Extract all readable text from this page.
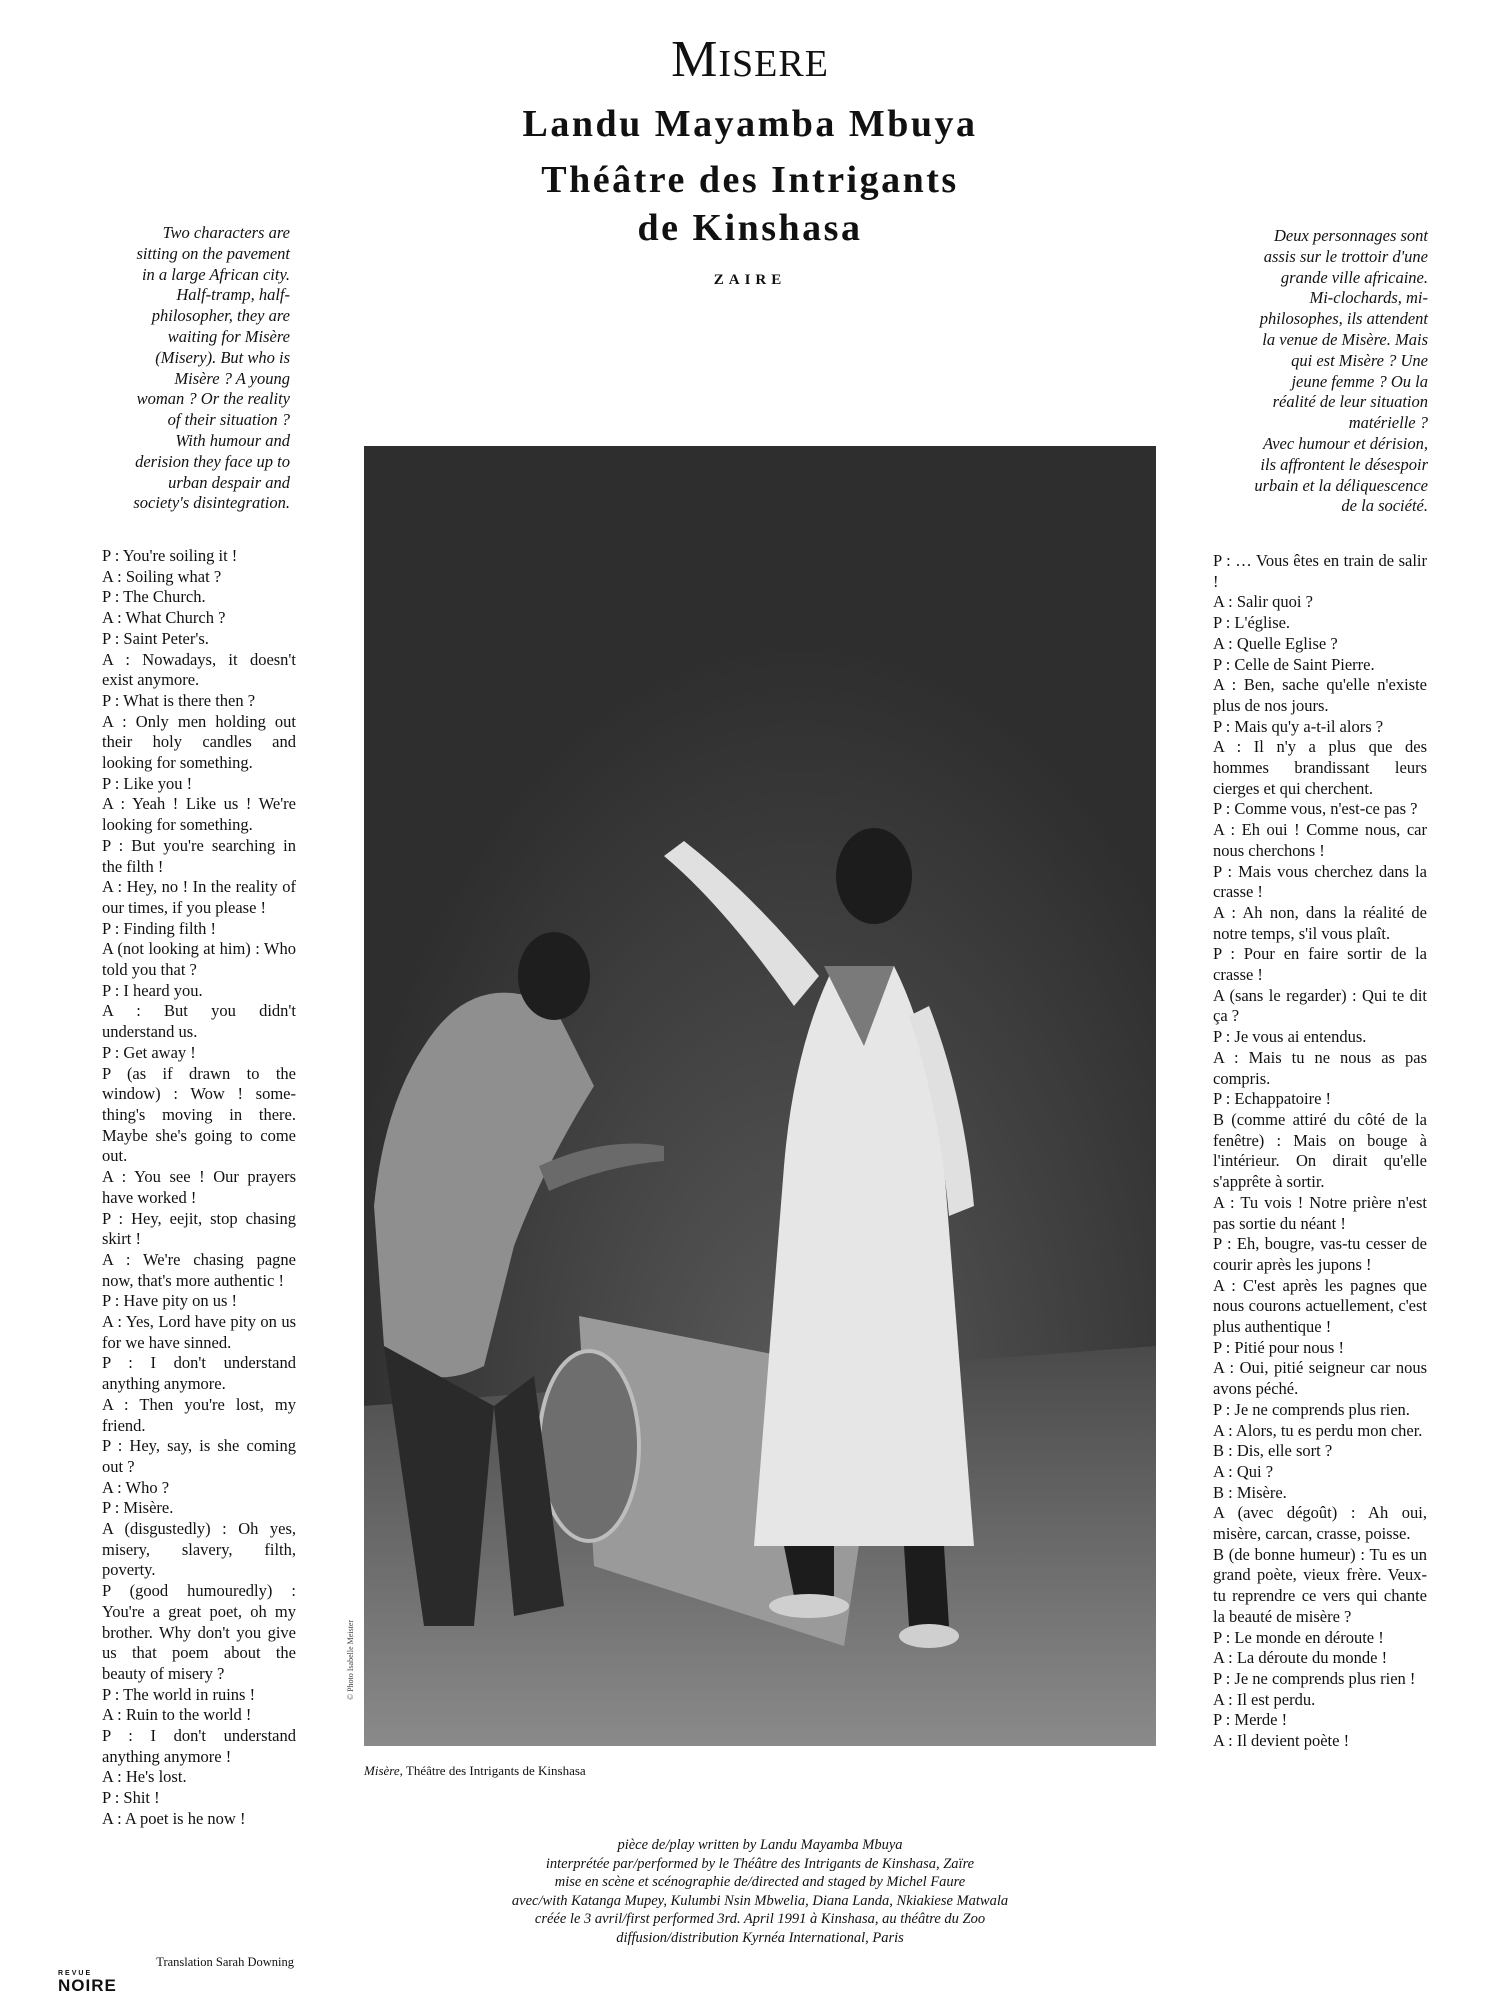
MISERE
Landu Mayamba Mbuya
Théâtre des Intrigants
de Kinshasa
ZAIRE
Two characters are
sitting on the pavement
in a large African city.
Half-tramp, half-
philosopher, they are
waiting for Misère
(Misery). But who is
Misère ? A young
woman ? Or the reality
of their situation ?
With humour and
derision they face up to
urban despair and
society's disintegration.
Deux personnages sont
assis sur le trottoir d'une
grande ville africaine.
Mi-clochards, mi-
philosophes, ils attendent
la venue de Misère. Mais
qui est Misère ? Une
jeune femme ? Ou la
réalité de leur situation
matérielle ?
Avec humour et dérision,
ils affrontent le désespoir
urbain et la déliquescence
de la société.
P : You're soiling it !
A : Soiling what ?
P : The Church.
A : What Church ?
P : Saint Peter's.
A : Nowadays, it doesn't exist anymore.
P : What is there then ?
A : Only men holding out their holy candles and looking for something.
P : Like you !
A : Yeah ! Like us ! We're looking for something.
P : But you're searching in the filth !
A : Hey, no ! In the reality of our times, if you please !
P : Finding filth !
A (not looking at him) : Who told you that ?
P : I heard you.
A : But you didn't understand us.
P : Get away !
P (as if drawn to the window) : Wow ! some-thing's moving in there. Maybe she's going to come out.
A : You see ! Our prayers have worked !
P : Hey, eejit, stop chasing skirt !
A : We're chasing pagne now, that's more authentic !
P : Have pity on us !
A : Yes, Lord have pity on us for we have sinned.
P : I don't understand anything anymore.
A : Then you're lost, my friend.
P : Hey, say, is she coming out ?
A : Who ?
P : Misère.
A (disgustedly) : Oh yes, misery, slavery, filth, poverty.
P (good humouredly) : You're a great poet, oh my brother. Why don't you give us that poem about the beauty of misery ?
P : The world in ruins !
A : Ruin to the world !
P : I don't understand anything anymore !
A : He's lost.
P : Shit !
A : A poet is he now !
P : … Vous êtes en train de salir !
A : Salir quoi ?
P : L'église.
A : Quelle Eglise ?
P : Celle de Saint Pierre.
A : Ben, sache qu'elle n'existe plus de nos jours.
P : Mais qu'y a-t-il alors ?
A : Il n'y a plus que des hommes brandissant leurs cierges et qui cherchent.
P : Comme vous, n'est-ce pas ?
A : Eh oui ! Comme nous, car nous cherchons !
P : Mais vous cherchez dans la crasse !
A : Ah non, dans la réalité de notre temps, s'il vous plaît.
P : Pour en faire sortir de la crasse !
A (sans le regarder) : Qui te dit ça ?
P : Je vous ai entendus.
A : Mais tu ne nous as pas compris.
P : Echappatoire !
B (comme attiré du côté de la fenêtre) : Mais on bouge à l'intérieur. On dirait qu'elle s'apprête à sortir.
A : Tu vois ! Notre prière n'est pas sortie du néant !
P : Eh, bougre, vas-tu cesser de courir après les jupons !
A : C'est après les pagnes que nous courons actuellement, c'est plus authentique !
P : Pitié pour nous !
A : Oui, pitié seigneur car nous avons péché.
P : Je ne comprends plus rien.
A : Alors, tu es perdu mon cher.
B : Dis, elle sort ?
A : Qui ?
B : Misère.
A (avec dégoût) : Ah oui, misère, carcan, crasse, poisse.
B (de bonne humeur) : Tu es un grand poète, vieux frère. Veux-tu reprendre ce vers qui chante la beauté de misère ?
P : Le monde en déroute !
A : La déroute du monde !
P : Je ne comprends plus rien !
A : Il est perdu.
P : Merde !
A : Il devient poète !
© Photo Isabelle Meister
Misère, Théâtre des Intrigants de Kinshasa
pièce de/play written by Landu Mayamba Mbuya
interprétée par/performed by le Théâtre des Intrigants de Kinshasa, Zaïre
mise en scène et scénographie de/directed and staged by Michel Faure
avec/with Katanga Mupey, Kulumbi Nsin Mbwelia, Diana Landa, Nkiakiese Matwala
créée le 3 avril/first performed 3rd. April 1991 à Kinshasa, au théâtre du Zoo
diffusion/distribution Kyrnéa International, Paris
Translation Sarah Downing
REVUE
NOIRE
